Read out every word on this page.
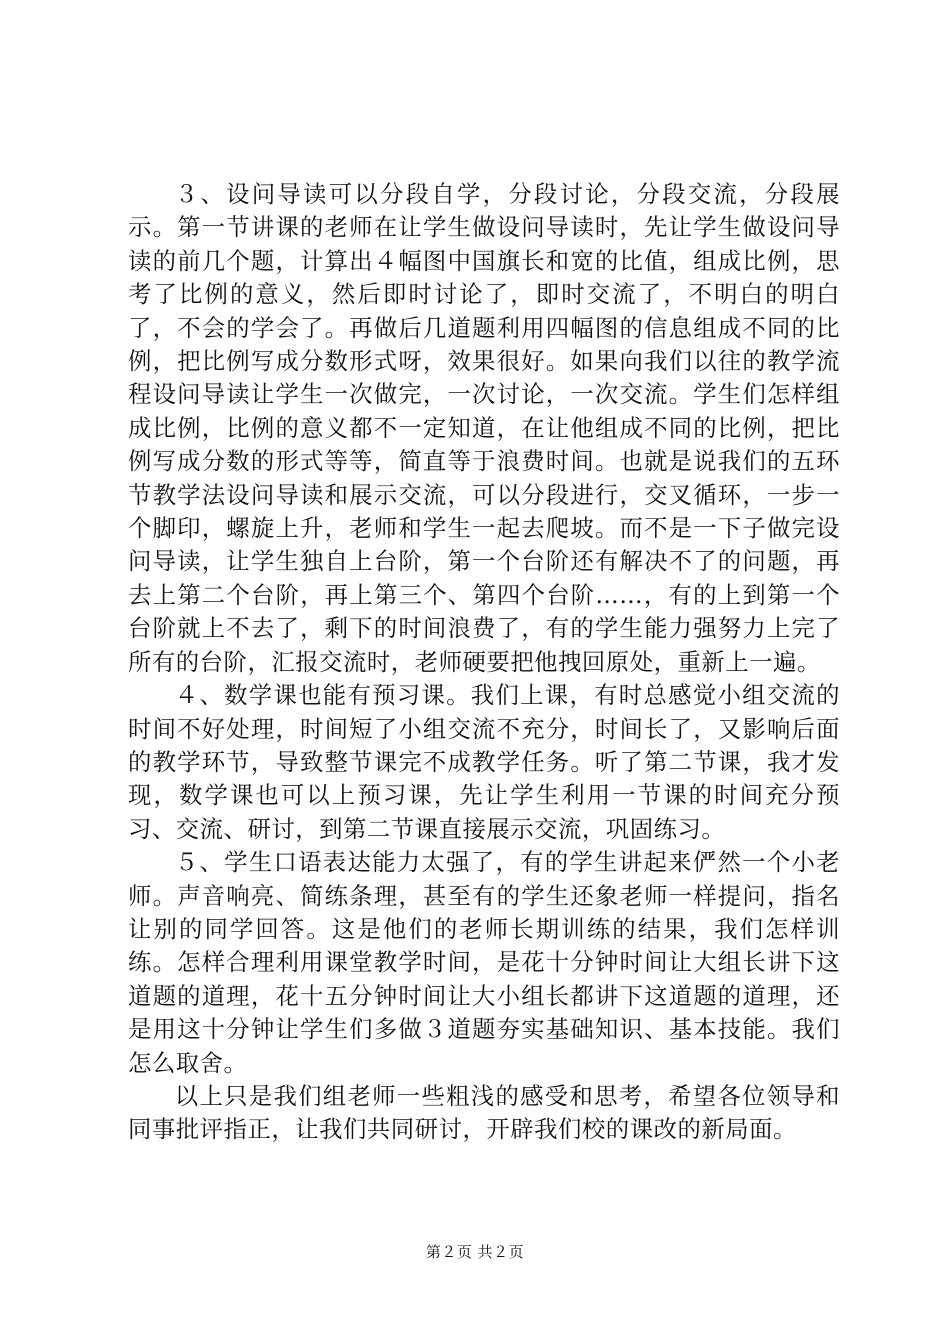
３、设问导读可以分段自学，分段讨论，分段交流，分段展示。第一节讲课的老师在让学生做设问导读时，先让学生做设问导读的前几个题，计算出４幅图中国旗长和宽的比值，组成比例，思考了比例的意义，然后即时讨论了，即时交流了，不明白的明白了，不会的学会了。再做后几道题利用四幅图的信息组成不同的比例，把比例写成分数形式呀，效果很好。如果向我们以往的教学流程设问导读让学生一次做完，一次讨论，一次交流。学生们怎样组成比例，比例的意义都不一定知道，在让他组成不同的比例，把比例写成分数的形式等等，简直等于浪费时间。也就是说我们的五环节教学法设问导读和展示交流，可以分段进行，交叉循环，一步一个脚印，螺旋上升，老师和学生一起去爬坡。而不是一下子做完设问导读，让学生独自上台阶，第一个台阶还有解决不了的问题，再去上第二个台阶，再上第三个、第四个台阶……，有的上到第一个台阶就上不去了，剩下的时间浪费了，有的学生能力强努力上完了所有的台阶，汇报交流时，老师硬要把他拽回原处，重新上一遍。

４、数学课也能有预习课。我们上课，有时总感觉小组交流的时间不好处理，时间短了小组交流不充分，时间长了，又影响后面的教学环节，导致整节课完不成教学任务。听了第二节课，我才发现，数学课也可以上预习课，先让学生利用一节课的时间充分预习、交流、研讨，到第二节课直接展示交流，巩固练习。

５、学生口语表达能力太强了，有的学生讲起来俨然一个小老师。声音响亮、简练条理，甚至有的学生还象老师一样提问，指名让别的同学回答。这是他们的老师长期训练的结果，我们怎样训练。怎样合理利用课堂教学时间，是花十分钟时间让大组长讲下这道题的道理，花十五分钟时间让大小组长都讲下这道题的道理，还是用这十分钟让学生们多做３道题夯实基础知识、基本技能。我们怎么取舍。

以上只是我们组老师一些粗浅的感受和思考，希望各位领导和同事批评指正，让我们共同研讨，开辟我们校的课改的新局面。

第２页 共２页
